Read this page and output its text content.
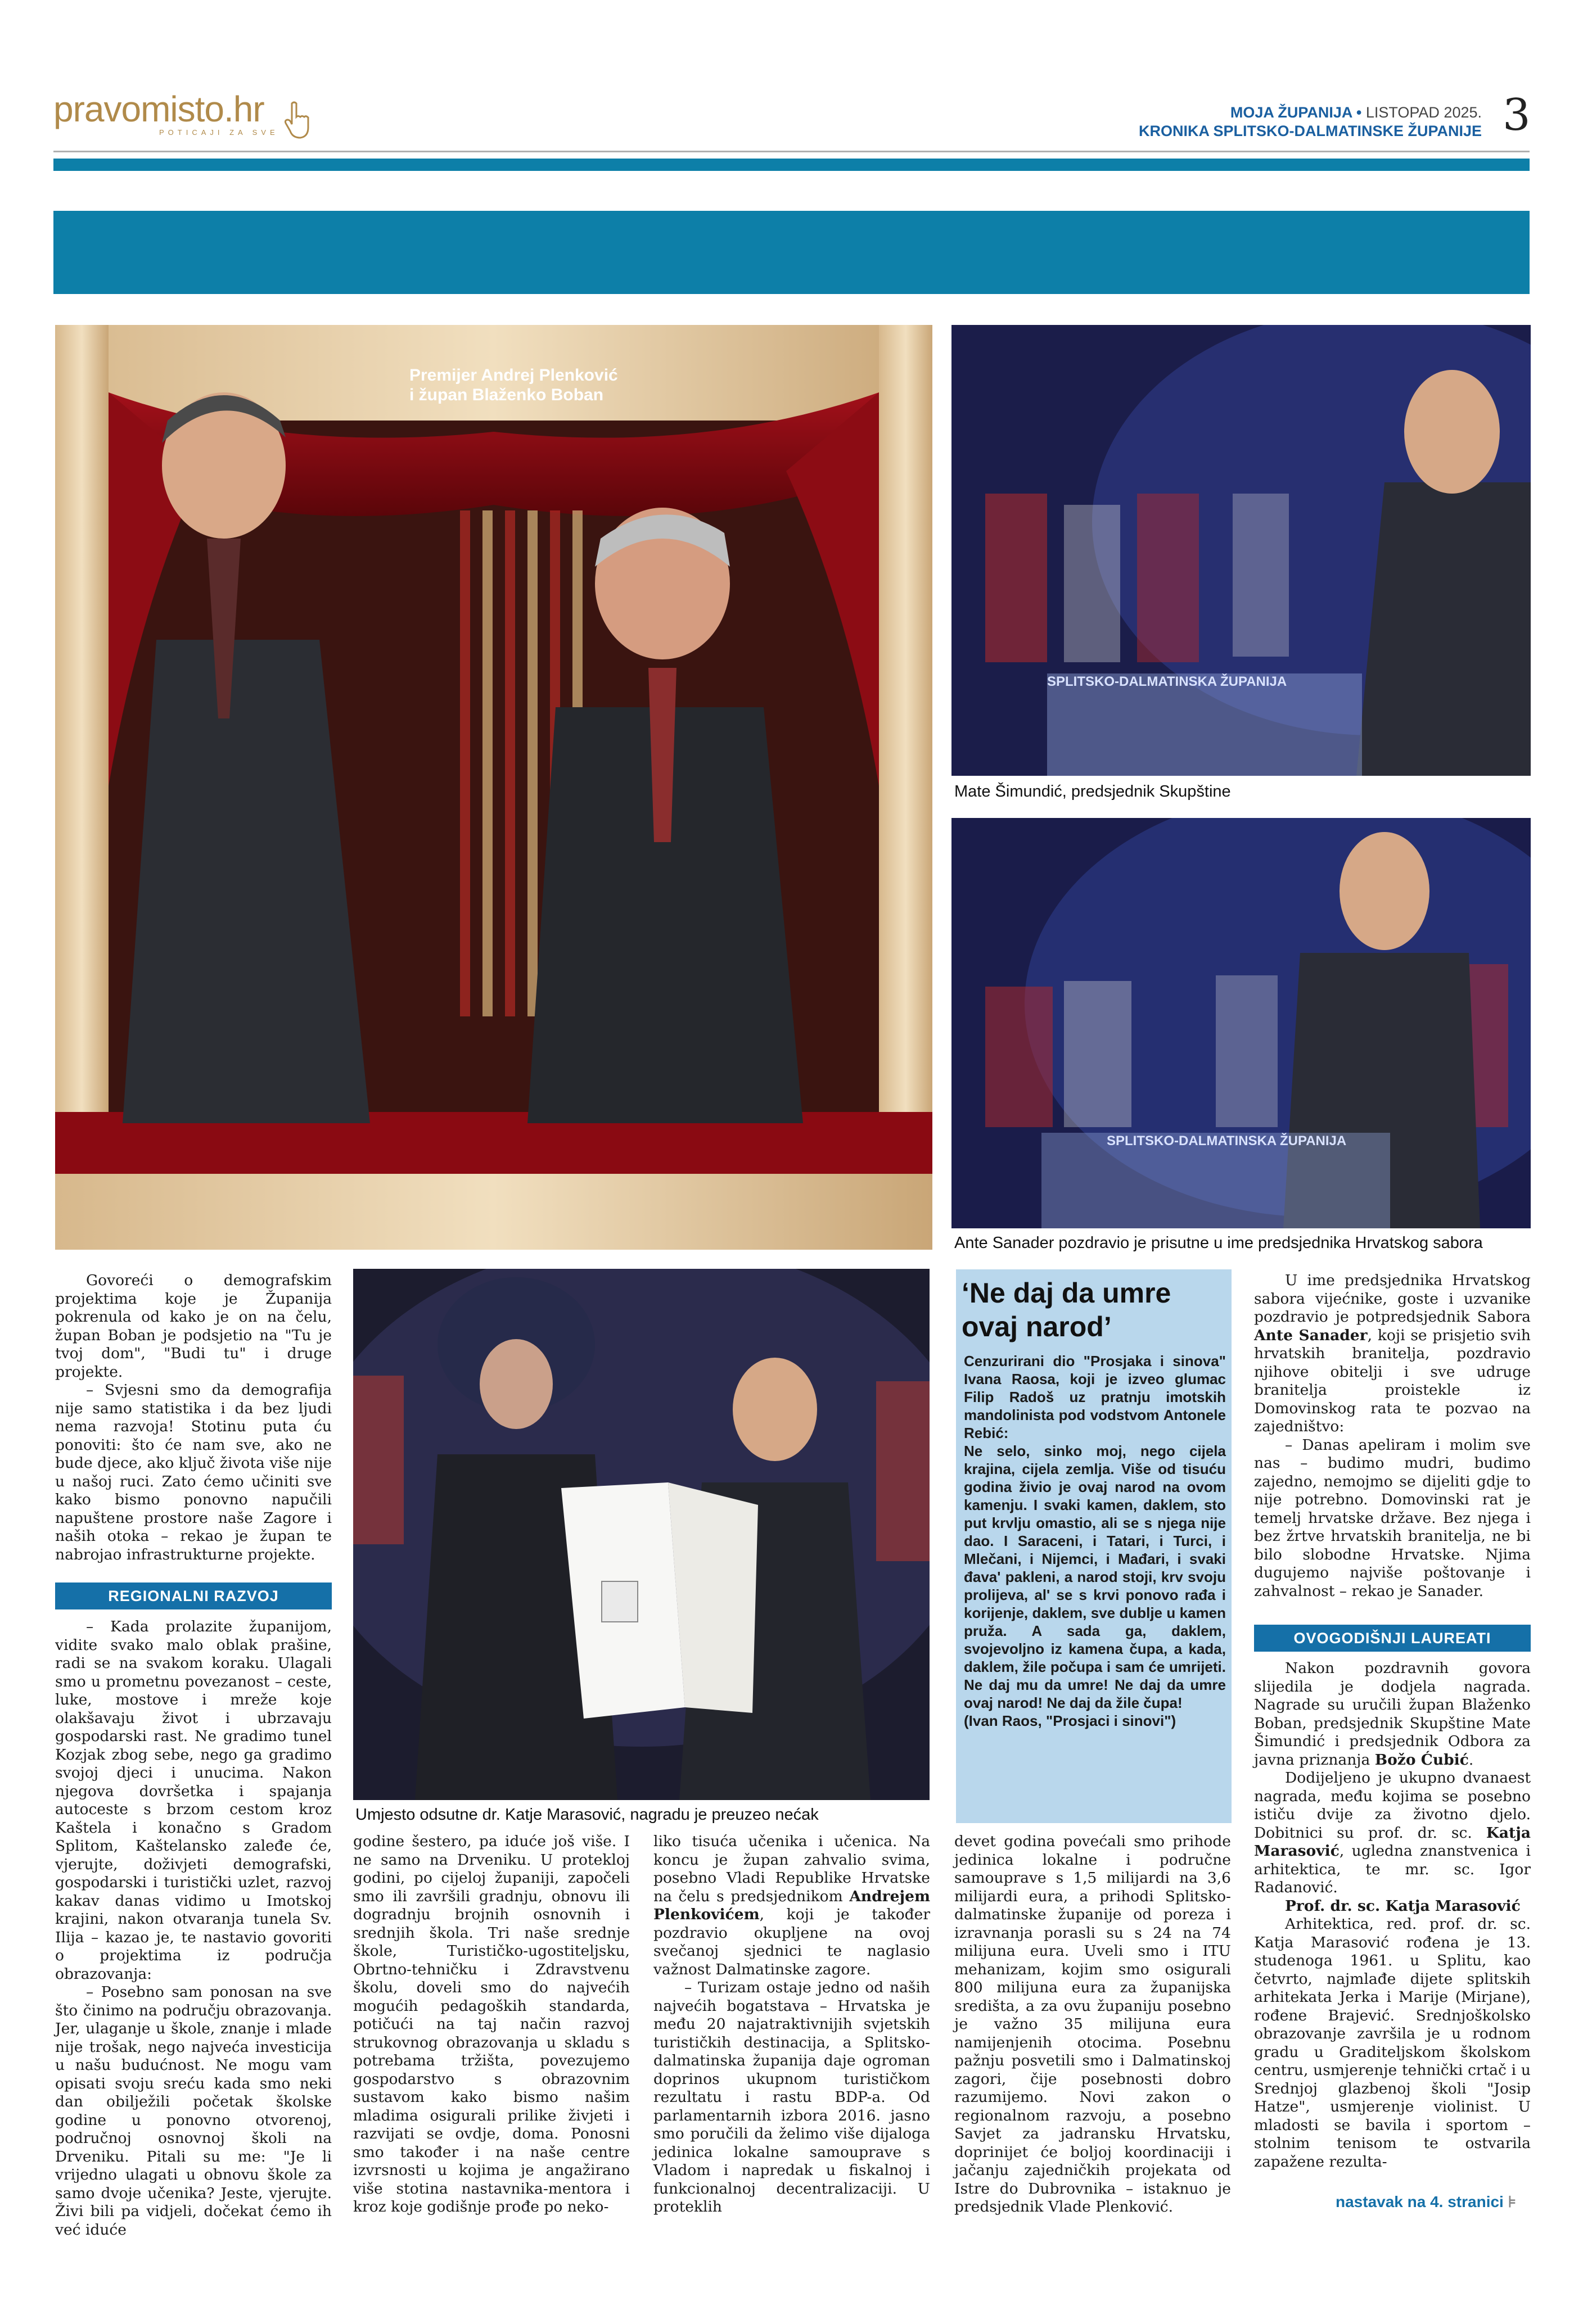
pravomisto.hr
POTICAJI ZA SVE
MOJA ŽUPANIJA • LISTOPAD 2025.
KRONIKA SPLITSKO-DALMATINSKE ŽUPANIJE 3
Premijer Andrej Plenković
i župan Blaženko Boban
SPLITSKO-DALMATINSKA ŽUPANIJA
Mate Šimundić, predsjednik Skupštine
SPLITSKO-DALMATINSKA ŽUPANIJA
Ante Sanader pozdravio je prisutne u ime predsjednika Hrvatskog sabora
Umjesto odsutne dr. Katje Marasović, nagradu je preuzeo nećak

Govoreći o demografskim projektima koje je Županija pokrenula od kako je on na čelu, župan Boban je podsjetio na "Tu je tvoj dom", "Budi tu" i druge projekte.

– Svjesni smo da demografija nije samo statistika i da bez ljudi nema razvoja! Stotinu puta ću ponoviti: što će nam sve, ako ne bude djece, ako ključ života više nije u našoj ruci. Zato ćemo učiniti sve kako bismo ponovno napučili napuštene prostore naše Zagore i naših otoka – rekao je župan te nabrojao infrastrukturne projekte.

REGIONALNI RAZVOJ

– Kada prolazite županijom, vidite svako malo oblak prašine, radi se na svakom koraku. Ulagali smo u prometnu povezanost – ceste, luke, mostove i mreže koje olakšavaju život i ubrzavaju gospodarski rast. Ne gradimo tunel Kozjak zbog sebe, nego ga gradimo svojoj djeci i unucima. Nakon njegova dovršetka i spajanja autoceste s brzom cestom kroz Kaštela i konačno s Gradom Splitom, Kaštelansko zaleđe će, vjerujte, doživjeti demografski, gospodarski i turistički uzlet, razvoj kakav danas vidimo u Imotskoj krajini, nakon otvaranja tunela Sv. Ilija – kazao je, te nastavio govoriti o projektima iz područja obrazovanja:

– Posebno sam ponosan na sve što činimo na području obrazovanja. Jer, ulaganje u škole, znanje i mlade nije trošak, nego najveća investicija u našu budućnost. Ne mogu vam opisati svoju sreću kada smo neki dan obilježili početak školske godine u ponovno otvorenoj, područnoj osnovnoj školi na Drveniku. Pitali su me: "Je li vrijedno ulagati u obnovu škole za samo dvoje učenika? Jeste, vjerujte. Živi bili pa vidjeli, dočekat ćemo ih već iduće

godine šestero, pa iduće još više. I ne samo na Drveniku. U proteklој godini, po cijeloj županiji, započeli smo ili završili gradnju, obnovu ili dogradnju brojnih osnovnih i srednjih škola. Tri naše srednje škole, Turističko-ugostiteljsku, Obrtno-tehničku i Zdravstvenu školu, doveli smo do najvećih mogućih pedagoških standarda, potičući na taj način razvoj strukovnog obrazovanja u skladu s potrebama tržišta, povezujemo gospodarstvo s obrazovnim sustavom kako bismo našim mladima osigurali prilike živjeti i razvijati se ovdje, doma. Ponosni smo također i na naše centre izvrsnosti u kojima je angažirano više stotina nastavnika-mentora i kroz koje godišnje prođe po neko-

liko tisuća učenika i učenica. Na koncu je župan zahvalio svima, posebno Vladi Republike Hrvatske na čelu s predsjednikom Andrejem Plenkovićem, koji je također pozdravio okupljene na ovoj svečanoj sjednici te naglasio važnost Dalmatinske zagore.

– Turizam ostaje jedno od naših najvećih bogatstava – Hrvatska je među 20 najatraktivnijih svjetskih turističkih destinacija, a Splitsko-dalmatinska županija daje ogroman doprinos ukupnom turističkom rezultatu i rastu BDP-a. Od parlamentarnih izbora 2016. jasno smo poručili da želimo više dijaloga jedinica lokalne samouprave s Vladom i napredak u fiskalnoj i funkcionalnoj decentralizaciji. U proteklih

‘Ne daj da umre ovaj narod’
Cenzurirani dio "Prosjaka i sinova" Ivana Raosa, koji je izveo glumac Filip Radoš uz pratnju imotskih mandolinista pod vodstvom Antonele Rebić:
Ne selo, sinko moj, nego cijela krajina, cijela zemlja. Više od tisuću godina živio je ovaj narod na ovom kamenju. I svaki kamen, daklem, sto put krvlju omastio, ali se s njega nije dao. I Saraceni, i Tatari, i Turci, i Mlečani, i Nijemci, i Mađari, i svaki đava' pakleni, a narod stoji, krv svoju prolijeva, al' se s krvi ponovo rađa i korijenje, daklem, sve dublje u kamen pruža. A sada ga, daklem, svojevoljno iz kamena čupa, a kada, daklem, žile počupa i sam će umrijeti. Ne daj mu da umre! Ne daj da umre ovaj narod! Ne daj da žile čupa!
(Ivan Raos, "Prosjaci i sinovi")

devet godina povećali smo prihode jedinica lokalne i područne samouprave s 1,5 milijardi na 3,6 milijardi eura, a prihodi Splitsko-dalmatinske županije od poreza i izravnanja porasli su s 24 na 74 milijuna eura. Uveli smo i ITU mehanizam, kojim smo osigurali 800 milijuna eura za županijska središta, a za ovu županiju posebno je važno 35 milijuna eura namijenjenih otocima. Posebnu pažnju posvetili smo i Dalmatinskoj zagori, čije posebnosti dobro razumijemo. Novi zakon o regionalnom razvoju, a posebno Savjet za jadransku Hrvatsku, doprinijet će boljoj koordinaciji i jačanju zajedničkih projekata od Istre do Dubrovnika – istaknuo je predsjednik Vlade Plenković.

U ime predsjednika Hrvatskog sabora vijećnike, goste i uzvanike pozdravio je potpredsjednik Sabora Ante Sanader, koji se prisjetio svih hrvatskih branitelja, pozdravio njihove obitelji i sve udruge branitelja proistekle iz Domovinskog rata te pozvao na zajedništvo:

– Danas apeliram i molim sve nas – budimo mudri, budimo zajedno, nemojmo se dijeliti gdje to nije potrebno. Domovinski rat je temelj hrvatske države. Bez njega i bez žrtve hrvatskih branitelja, ne bi bilo slobodne Hrvatske. Njima dugujemo najviše poštovanje i zahvalnost – rekao je Sanader.

OVOGODIŠNJI LAUREATI

Nakon pozdravnih govora slijedila je dodjela nagrada. Nagrade su uručili župan Blaženko Boban, predsjednik Skupštine Mate Šimundić i predsjednik Odbora za javna priznanja Božo Ćubić.

Dodijeljeno je ukupno dvanaest nagrada, među kojima se posebno ističu dvije za životno djelo. Dobitnici su prof. dr. sc. Katja Marasović, ugledna znanstvenica i arhitektica, te mr. sc. Igor Radanović.

Prof. dr. sc. Katja Marasović

Arhitektica, red. prof. dr. sc. Katja Marasović rođena je 13. studenoga 1961. u Splitu, kao četvrto, najmlađe dijete splitskih arhitekata Jerka i Marije (Mirjane), rođene Brajević. Srednjoškolsko obrazovanje završila je u rodnom gradu u Graditeljskom školskom centru, usmjerenje tehnički crtač i u Srednjoj glazbenoj školi "Josip Hatze", usmjerenje violinist. U mladosti se bavila i sportom – stolnim tenisom te ostvarila zapažene rezulta-

nastavak na 4. stranici ⊧
